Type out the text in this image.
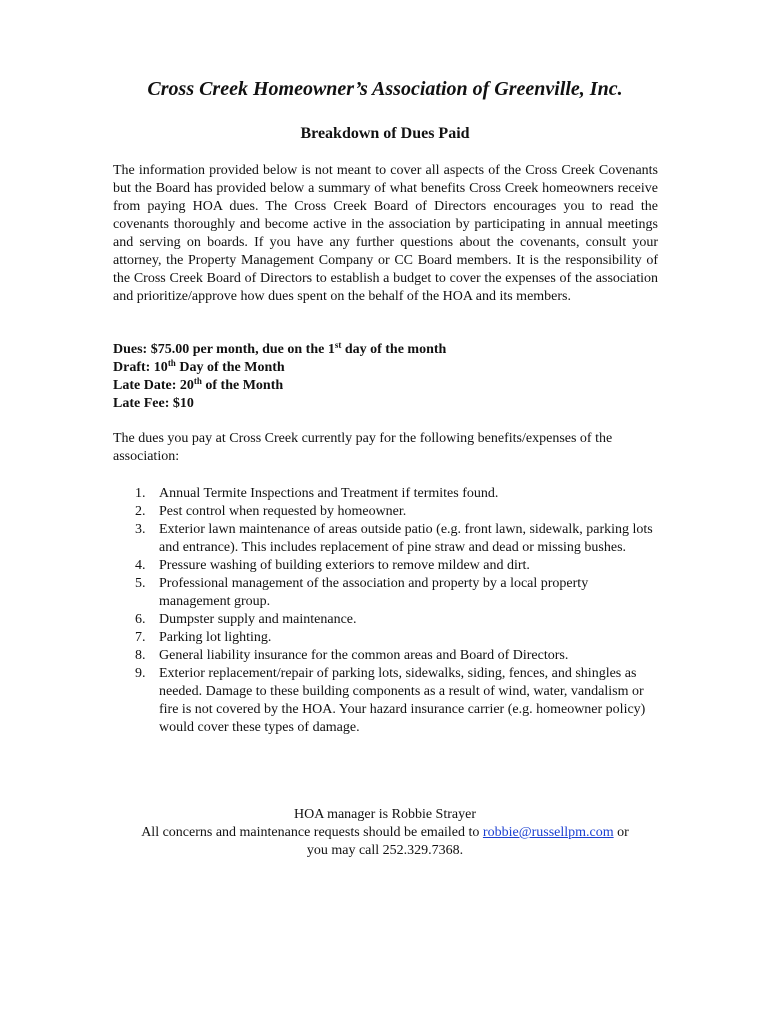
Cross Creek Homeowner’s Association of Greenville, Inc.
Breakdown of Dues Paid

The information provided below is not meant to cover all aspects of the Cross Creek Covenants but the Board has provided below a summary of what benefits Cross Creek homeowners receive from paying HOA dues. The Cross Creek Board of Directors encourages you to read the covenants thoroughly and become active in the association by participating in annual meetings and serving on boards. If you have any further questions about the covenants, consult your attorney, the Property Management Company or CC Board members. It is the responsibility of the Cross Creek Board of Directors to establish a budget to cover the expenses of the association and prioritize/approve how dues spent on the behalf of the HOA and its members.

Dues: $75.00 per month, due on the 1st day of the month
Draft: 10th Day of the Month
Late Date: 20th of the Month
Late Fee: $10

The dues you pay at Cross Creek currently pay for the following benefits/expenses of the association:

1. Annual Termite Inspections and Treatment if termites found.
2. Pest control when requested by homeowner.
3. Exterior lawn maintenance of areas outside patio (e.g. front lawn, sidewalk, parking lots and entrance). This includes replacement of pine straw and dead or missing bushes.
4. Pressure washing of building exteriors to remove mildew and dirt.
5. Professional management of the association and property by a local property management group.
6. Dumpster supply and maintenance.
7. Parking lot lighting.
8. General liability insurance for the common areas and Board of Directors.
9. Exterior replacement/repair of parking lots, sidewalks, siding, fences, and shingles as needed. Damage to these building components as a result of wind, water, vandalism or fire is not covered by the HOA. Your hazard insurance carrier (e.g. homeowner policy) would cover these types of damage.
HOA manager is Robbie Strayer
All concerns and maintenance requests should be emailed to robbie@russellpm.com or
you may call 252.329.7368.
